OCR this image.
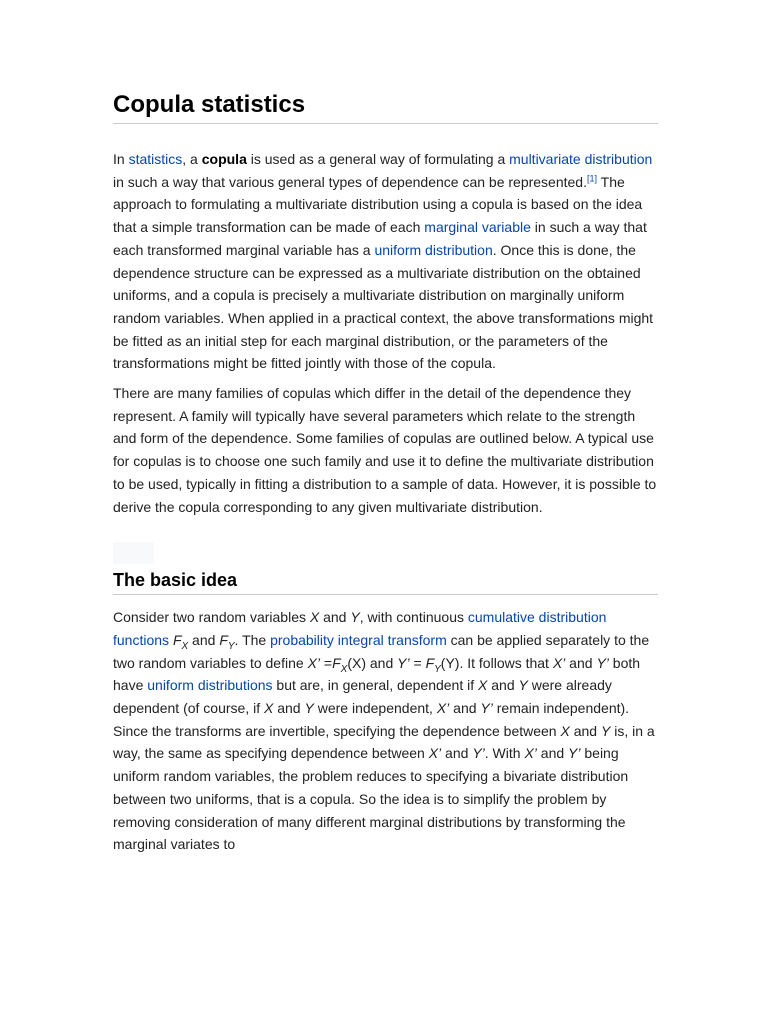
Copula statistics

In statistics, a copula is used as a general way of formulating a multivariate distribution in such a way that various general types of dependence can be represented.[1] The approach to formulating a multivariate distribution using a copula is based on the idea that a simple transformation can be made of each marginal variable in such a way that each transformed marginal variable has a uniform distribution. Once this is done, the dependence structure can be expressed as a multivariate distribution on the obtained uniforms, and a copula is precisely a multivariate distribution on marginally uniform random variables. When applied in a practical context, the above transformations might be fitted as an initial step for each marginal distribution, or the parameters of the transformations might be fitted jointly with those of the copula.

There are many families of copulas which differ in the detail of the dependence they represent. A family will typically have several parameters which relate to the strength and form of the dependence. Some families of copulas are outlined below. A typical use for copulas is to choose one such family and use it to define the multivariate distribution to be used, typically in fitting a distribution to a sample of data. However, it is possible to derive the copula corresponding to any given multivariate distribution.

The basic idea

Consider two random variables X and Y, with continuous cumulative distribution functions $F_X$ and $F_Y$. The probability integral transform can be applied separately to the two random variables to define X’ $=F_X(X)$ and Y’ = $F_Y(Y)$. It follows that X’ and Y’ both have uniform distributions but are, in general, dependent if X and Y were already dependent (of course, if X and Y were independent, X’ and Y’ remain independent). Since the transforms are invertible, specifying the dependence between X and Y is, in a way, the same as specifying dependence between X’ and Y’. With X’ and Y’ being uniform random variables, the problem reduces to specifying a bivariate distribution between two uniforms, that is a copula. So the idea is to simplify the problem by removing consideration of many different marginal distributions by transforming the marginal variates to
